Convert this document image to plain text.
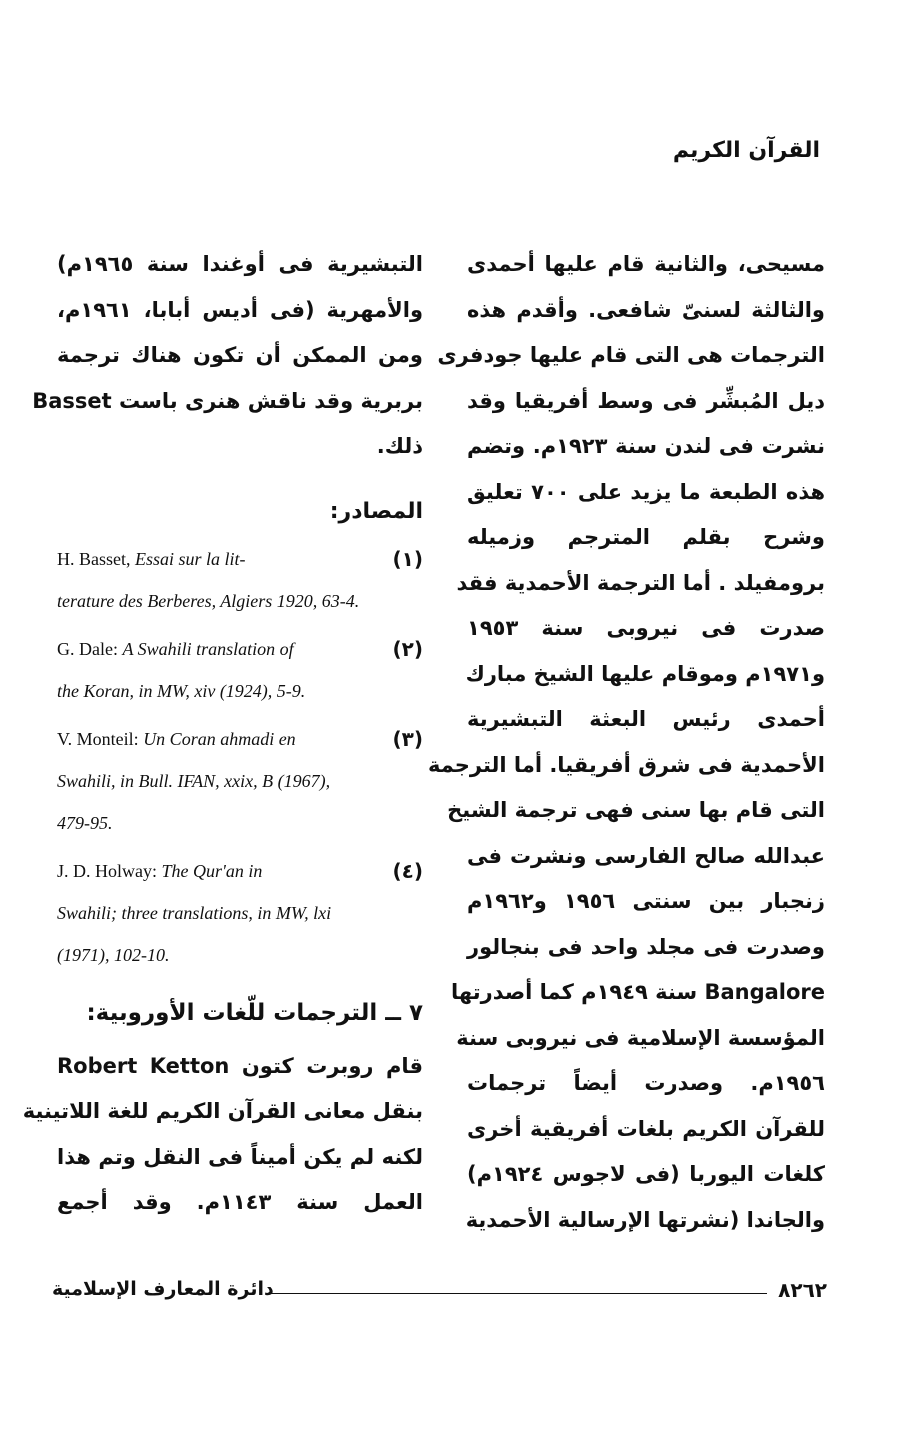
القرآن الكريم
مسيحى، والثانية قام عليها أحمدى
والثالثة لسنىّ شافعى. وأقدم هذه
الترجمات هى التى قام عليها جودفرى
ديل المُبشِّر فى وسط أفريقيا وقد
نشرت فى لندن سنة ١٩٢٣م. وتضم
هذه الطبعة ما يزيد على ٧٠٠ تعليق
وشرح بقلم المترجم وزميله
برومفيلد . أما الترجمة الأحمدية فقد
صدرت فى نيروبى سنة ١٩٥٣
و١٩٧١م وموقام عليها الشيخ مبارك
أحمدى رئيس البعثة التبشيرية
الأحمدية فى شرق أفريقيا. أما الترجمة
التى قام بها سنى فهى ترجمة الشيخ
عبدالله صالح الفارسى ونشرت فى
زنجبار بين سنتى ١٩٥٦ و١٩٦٢م
وصدرت فى مجلد واحد فى بنجالور
Bangalore سنة ١٩٤٩م كما أصدرتها
المؤسسة الإسلامية فى نيروبى سنة
١٩٥٦م. وصدرت أيضاً ترجمات
للقرآن الكريم بلغات أفريقية أخرى
كلغات اليوربا (فى لاجوس ١٩٢٤م)
والجاندا (نشرتها الإرسالية الأحمدية
التبشيرية فى أوغندا سنة ١٩٦٥م)
والأمهرية (فى أديس أبابا، ١٩٦١م،
ومن الممكن أن تكون هناك ترجمة
بربرية وقد ناقش هنرى باست Basset
ذلك.
المصادر:
(١)
H. Basset, Essai sur la lit-
terature des Berberes, Algiers 1920, 63-4.
(٢)
G. Dale: A Swahili translation of
the Koran, in MW, xiv (1924), 5-9.
(٣)
V. Monteil: Un Coran ahmadi en
Swahili, in Bull. IFAN, xxix, B (1967),
479-95.
(٤)
J. D. Holway: The Qur'an in
Swahili; three translations, in MW, lxi
(1971), 102-10.
٧ ــ الترجمات للّغات الأوروبية:
قام روبرت كتون Robert Ketton
بنقل معانى القرآن الكريم للغة اللاتينية
لكنه لم يكن أميناً فى النقل وتم هذا
العمل سنة ١١٤٣م. وقد أجمع
٨٢٦٢
دائرة المعارف الإسلامية
